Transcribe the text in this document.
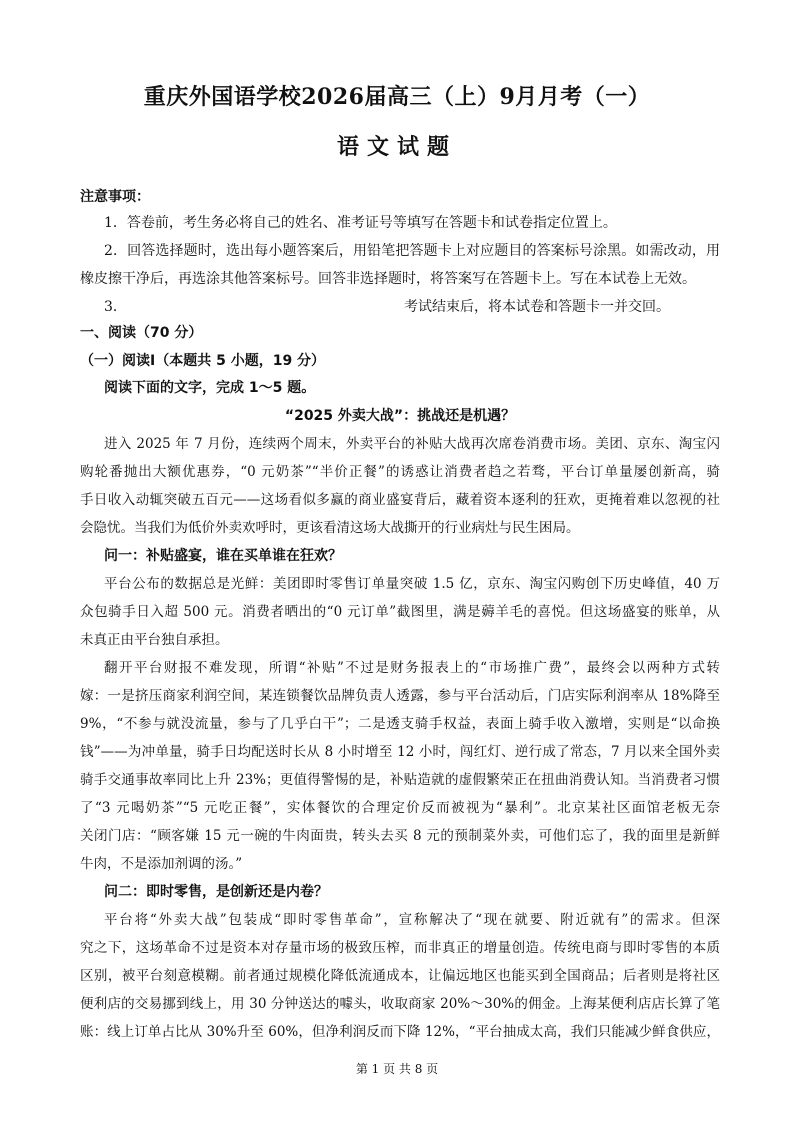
重庆外国语学校2026届高三（上）9月月考（一）
语文试题
注意事项：
1．答卷前，考生务必将自己的姓名、准考证号等填写在答题卡和试卷指定位置上。
2．回答选择题时，选出每小题答案后，用铅笔把答题卡上对应题目的答案标号涂黑。如需改动，用
橡皮擦干净后，再选涂其他答案标号。回答非选择题时，将答案写在答题卡上。写在本试卷上无效。
3．	考试结束后，将本试卷和答题卡一并交回。
一、阅读（70 分）
（一）阅读Ⅰ（本题共 5 小题，19 分）
阅读下面的文字，完成 1～5 题。
“2025 外卖大战”：挑战还是机遇？
进入 2025 年 7 月份，连续两个周末，外卖平台的补贴大战再次席卷消费市场。美团、京东、淘宝闪
购轮番抛出大额优惠券，“0 元奶茶”“半价正餐”的诱惑让消费者趋之若骛，平台订单量屡创新高，骑
手日收入动辄突破五百元——这场看似多赢的商业盛宴背后，藏着资本逐利的狂欢，更掩着难以忽视的社
会隐忧。当我们为低价外卖欢呼时，更该看清这场大战撕开的行业病灶与民生困局。
问一：补贴盛宴，谁在买单谁在狂欢？
平台公布的数据总是光鲜：美团即时零售订单量突破 1.5 亿，京东、淘宝闪购创下历史峰值，40 万
众包骑手日入超 500 元。消费者晒出的“0 元订单”截图里，满是薅羊毛的喜悦。但这场盛宴的账单，从
未真正由平台独自承担。
翻开平台财报不难发现，所谓“补贴”不过是财务报表上的“市场推广费”，最终会以两种方式转
嫁：一是挤压商家利润空间，某连锁餐饮品牌负责人透露，参与平台活动后，门店实际利润率从 18%降至
9%，“不参与就没流量，参与了几乎白干”；二是透支骑手权益，表面上骑手收入激增，实则是“以命换
钱”——为冲单量，骑手日均配送时长从 8 小时增至 12 小时，闯红灯、逆行成了常态，7 月以来全国外卖
骑手交通事故率同比上升 23%；更值得警惕的是，补贴造就的虚假繁荣正在扭曲消费认知。当消费者习惯
了“3 元喝奶茶”“5 元吃正餐”，实体餐饮的合理定价反而被视为“暴利”。北京某社区面馆老板无奈
关闭门店：“顾客嫌 15 元一碗的牛肉面贵，转头去买 8 元的预制菜外卖，可他们忘了，我的面里是新鲜
牛肉，不是添加剂调的汤。”
问二：即时零售，是创新还是内卷？
平台将“外卖大战”包装成“即时零售革命”，宣称解决了“现在就要、附近就有”的需求。但深
究之下，这场革命不过是资本对存量市场的极致压榨，而非真正的增量创造。传统电商与即时零售的本质
区别，被平台刻意模糊。前者通过规模化降低流通成本，让偏远地区也能买到全国商品；后者则是将社区
便利店的交易挪到线上，用 30 分钟送达的噱头，收取商家 20%～30%的佣金。上海某便利店店长算了笔
账：线上订单占比从 30%升至 60%，但净利润反而下降 12%，“平台抽成太高，我们只能减少鲜食供应，
第 1 页 共 8 页
